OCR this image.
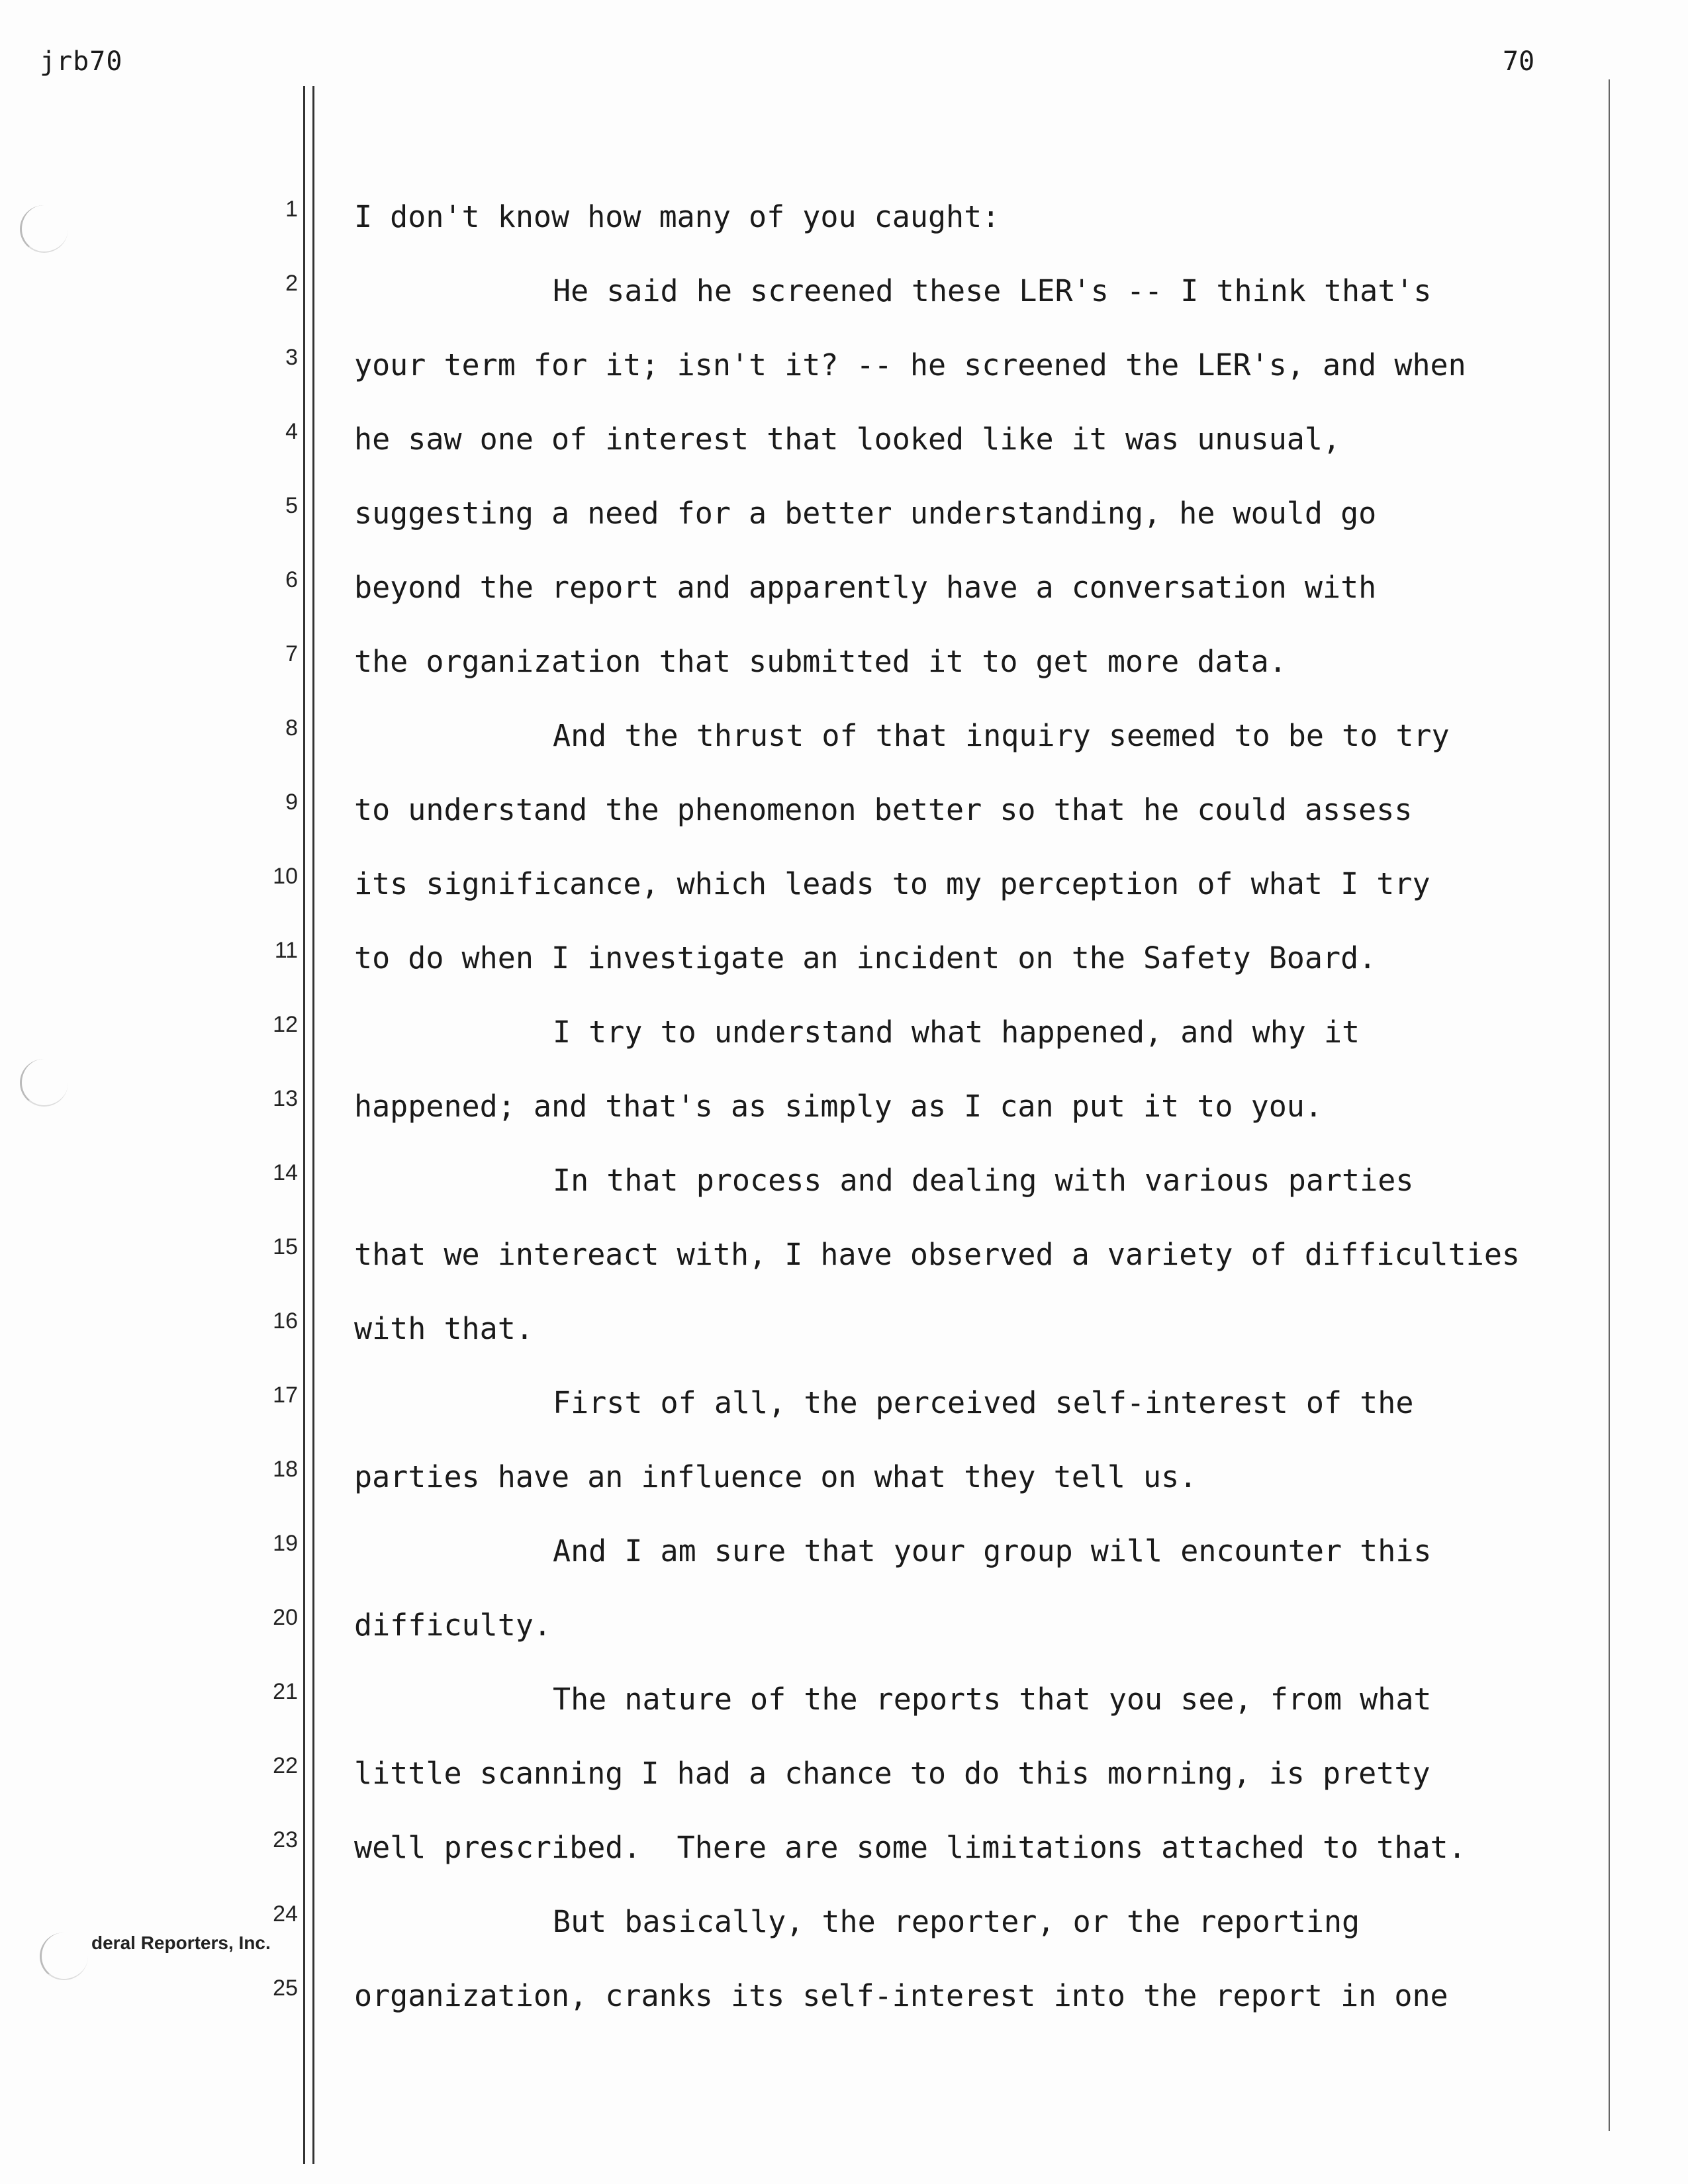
jrb70	70
1
2
3
4
5
6
7
8
9
10
11
12
13
14
15
16
17
18
19
20
21
22
23
24
25
I don't know how many of you caught:
He said he screened these LER's -- I think that's
your term for it; isn't it? -- he screened the LER's, and when
he saw one of interest that looked like it was unusual,
suggesting a need for a better understanding, he would go
beyond the report and apparently have a conversation with
the organization that submitted it to get more data.
And the thrust of that inquiry seemed to be to try
to understand the phenomenon better so that he could assess
its significance, which leads to my perception of what I try
to do when I investigate an incident on the Safety Board.
I try to understand what happened, and why it
happened; and that's as simply as I can put it to you.
In that process and dealing with various parties
that we intereact with, I have observed a variety of difficulties
with that.
First of all, the perceived self-interest of the
parties have an influence on what they tell us.
And I am sure that your group will encounter this
difficulty.
The nature of the reports that you see, from what
little scanning I had a chance to do this morning, is pretty
well prescribed.  There are some limitations attached to that.
But basically, the reporter, or the reporting
organization, cranks its self-interest into the report in one
deral Reporters, Inc.
